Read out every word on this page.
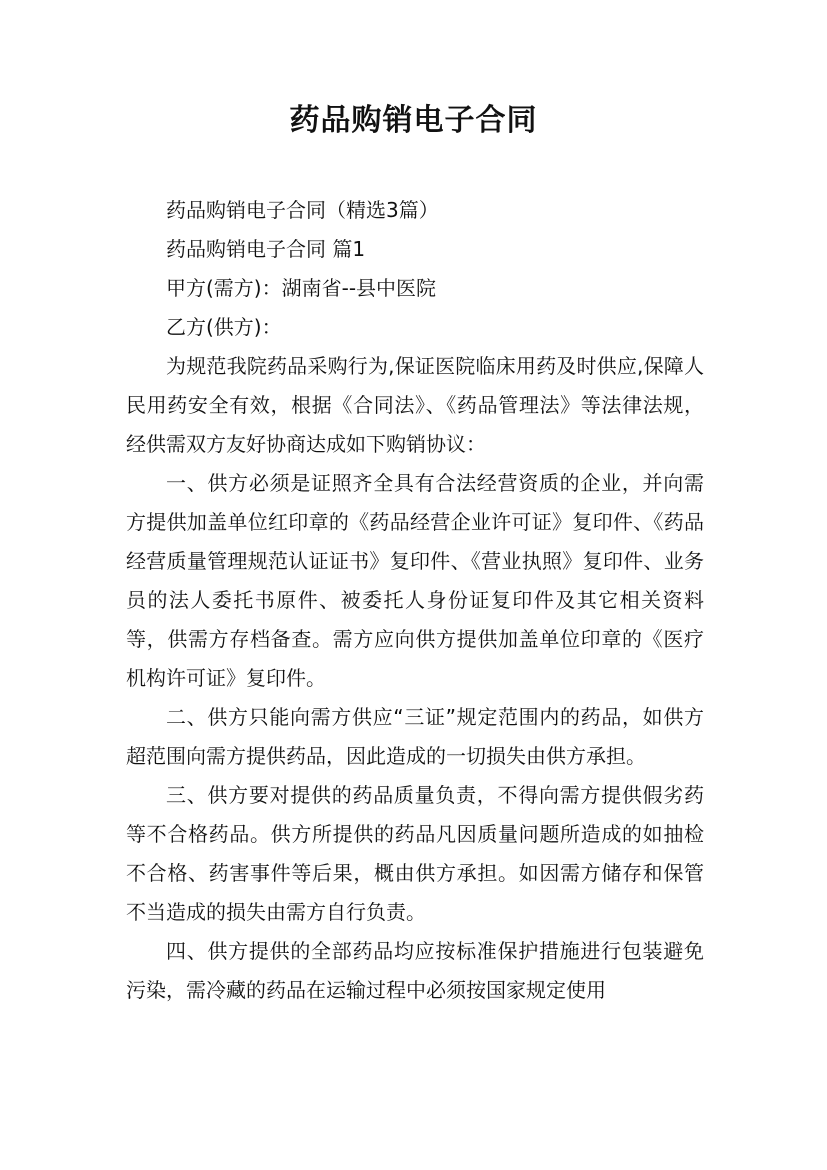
药品购销电子合同

药品购销电子合同（精选3篇）

药品购销电子合同 篇1

甲方(需方)：湖南省--县中医院

乙方(供方)：

为规范我院药品采购行为,保证医院临床用药及时供应,保障人民用药安全有效，根据《合同法》、《药品管理法》等法律法规，经供需双方友好协商达成如下购销协议：

一、供方必须是证照齐全具有合法经营资质的企业，并向需方提供加盖单位红印章的《药品经营企业许可证》复印件、《药品经营质量管理规范认证证书》复印件、《营业执照》复印件、业务员的法人委托书原件、被委托人身份证复印件及其它相关资料等，供需方存档备查。需方应向供方提供加盖单位印章的《医疗机构许可证》复印件。

二、供方只能向需方供应“三证”规定范围内的药品，如供方超范围向需方提供药品，因此造成的一切损失由供方承担。

三、供方要对提供的药品质量负责，不得向需方提供假劣药等不合格药品。供方所提供的药品凡因质量问题所造成的如抽检不合格、药害事件等后果，概由供方承担。如因需方储存和保管不当造成的损失由需方自行负责。

四、供方提供的全部药品均应按标准保护措施进行包装避免污染，需冷藏的药品在运输过程中必须按国家规定使用
